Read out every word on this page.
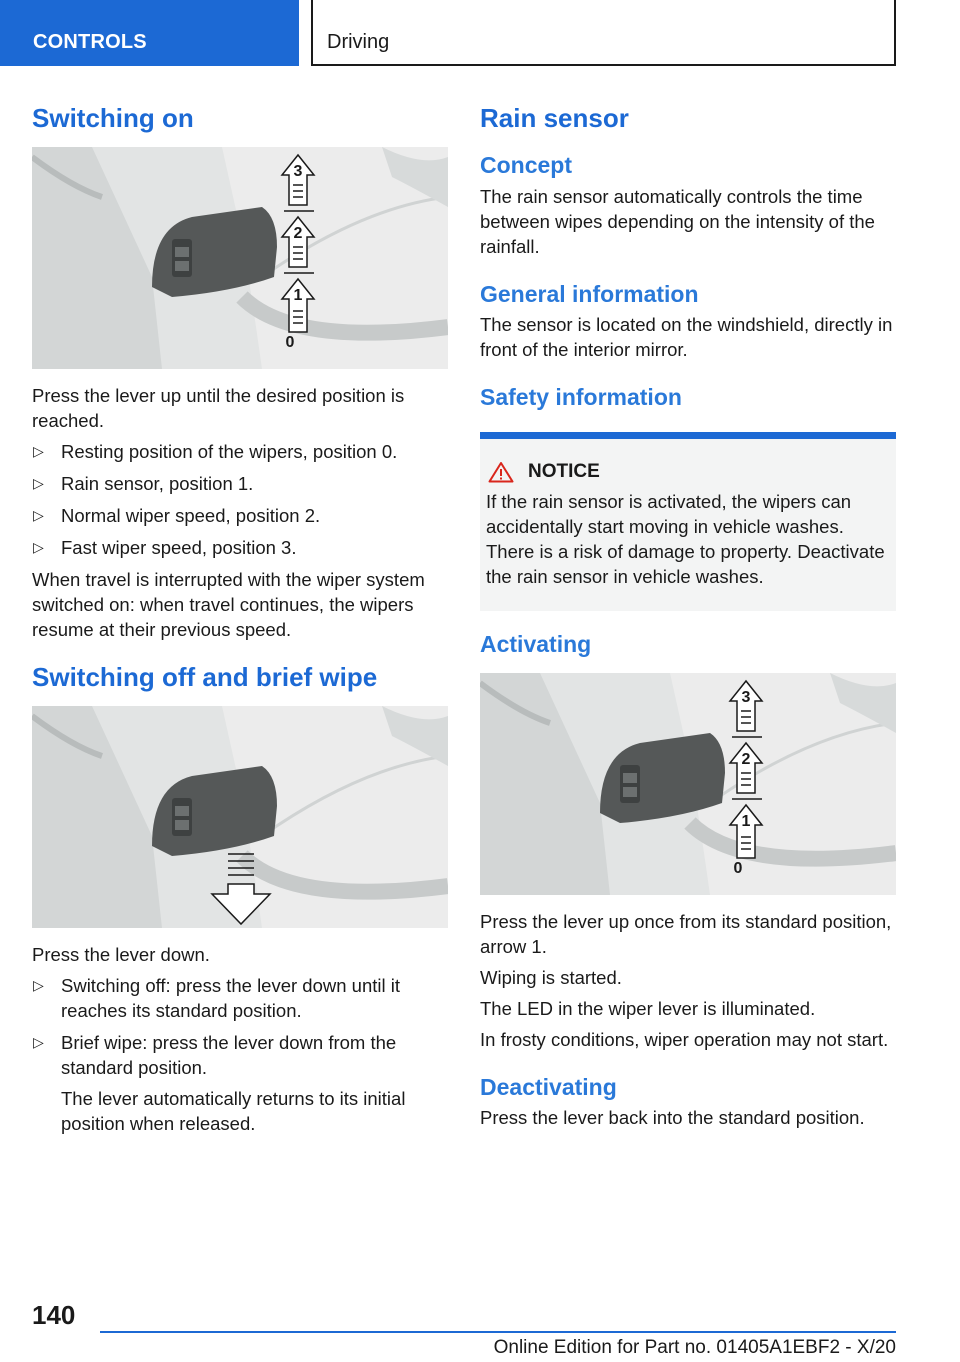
CONTROLS	Driving
Switching on
3
2
1
0

Press the lever up until the desired position is reached.

▷ Resting position of the wipers, position 0.
▷ Rain sensor, position 1.
▷ Normal wiper speed, position 2.
▷ Fast wiper speed, position 3.

When travel is interrupted with the wiper system switched on: when travel continues, the wipers resume at their previous speed.

Switching off and brief wipe

Press the lever down.

▷ Switching off: press the lever down until it reaches its standard position.
▷ Brief wipe: press the lever down from the standard position.

The lever automatically returns to its initial position when released.

Rain sensor
Concept

The rain sensor automatically controls the time between wipes depending on the intensity of the rainfall.

General information

The sensor is located on the windshield, directly in front of the interior mirror.

Safety information
NOTICE

If the rain sensor is activated, the wipers can accidentally start moving in vehicle washes. There is a risk of damage to property. Deactivate the rain sensor in vehicle washes.

Activating
3
2
1
0

Press the lever up once from its standard position, arrow 1.

Wiping is started.

The LED in the wiper lever is illuminated.

In frosty conditions, wiper operation may not start.

Deactivating

Press the lever back into the standard position.

140
Online Edition for Part no. 01405A1EBF2 - X/20
